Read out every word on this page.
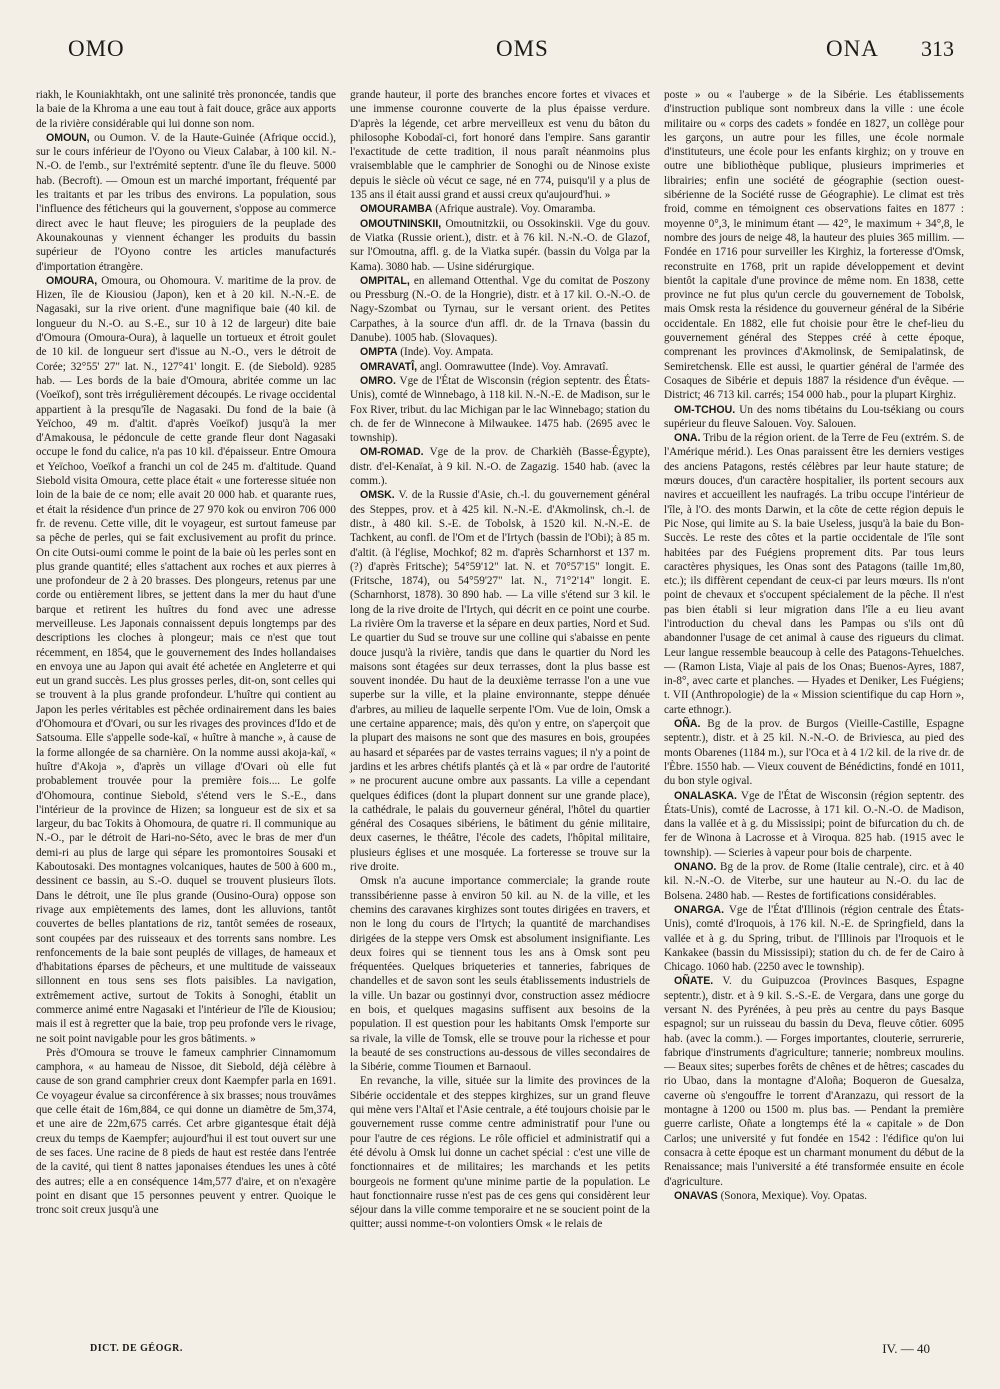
OMO	OMS	ONA 313

riakh, le Kouniakhtakh, ont une salinité très prononcée, tandis que la baie de la Khroma a une eau tout à fait douce, grâce aux apports de la rivière considérable qui lui donne son nom.

OMOUN, ou Oumon. V. de la Haute-Guinée (Afrique occid.), sur le cours inférieur de l'Oyono ou Vieux Calabar, à 100 kil. N.-N.-O. de l'emb., sur l'extrémité septentr. d'une île du fleuve. 5000 hab. (Becroft). — Omoun est un marché important, fréquenté par les traitants et par les tribus des environs. La population, sous l'influence des féticheurs qui la gouvernent, s'oppose au commerce direct avec le haut fleuve; les piroguiers de la peuplade des Akounakounas y viennent échanger les produits du bassin supérieur de l'Oyono contre les articles manufacturés d'importation étrangère.

OMOURA, Omoura, ou Ohomoura. V. maritime de la prov. de Hizen, île de Kiousiou (Japon), ken et à 20 kil. N.-N.-E. de Nagasaki, sur la rive orient. d'une magnifique baie (40 kil. de longueur du N.-O. au S.-E., sur 10 à 12 de largeur) dite baie d'Omoura (Omoura-Oura), à laquelle un tortueux et étroit goulet de 10 kil. de longueur sert d'issue au N.-O., vers le détroit de Corée; 32°55' 27" lat. N., 127°41' longit. E. (de Siebold). 9285 hab. — Les bords de la baie d'Omoura, abritée comme un lac (Voeïkof), sont très irrégulièrement découpés. Le rivage occidental appartient à la presqu'île de Nagasaki. Du fond de la baie (à Yeïchoo, 49 m. d'altit. d'après Voeïkof) jusqu'à la mer d'Amakousa, le pédoncule de cette grande fleur dont Nagasaki occupe le fond du calice, n'a pas 10 kil. d'épaisseur. Entre Omoura et Yeïchoo, Voeïkof a franchi un col de 245 m. d'altitude. Quand Siebold visita Omoura, cette place était « une forteresse située non loin de la baie de ce nom; elle avait 20 000 hab. et quarante rues, et était la résidence d'un prince de 27 970 kok ou environ 706 000 fr. de revenu. Cette ville, dit le voyageur, est surtout fameuse par sa pêche de perles, qui se fait exclusivement au profit du prince. On cite Outsi-oumi comme le point de la baie où les perles sont en plus grande quantité; elles s'attachent aux roches et aux pierres à une profondeur de 2 à 20 brasses. Des plongeurs, retenus par une corde ou entièrement libres, se jettent dans la mer du haut d'une barque et retirent les huîtres du fond avec une adresse merveilleuse. Les Japonais connaissent depuis longtemps par des descriptions les cloches à plongeur; mais ce n'est que tout récemment, en 1854, que le gouvernement des Indes hollandaises en envoya une au Japon qui avait été achetée en Angleterre et qui eut un grand succès. Les plus grosses perles, dit-on, sont celles qui se trouvent à la plus grande profondeur. L'huître qui contient au Japon les perles véritables est pêchée ordinairement dans les baies d'Ohomoura et d'Ovari, ou sur les rivages des provinces d'Ido et de Satsouma. Elle s'appelle sode-kaï, « huître à manche », à cause de la forme allongée de sa charnière. On la nomme aussi akoja-kaï, « huître d'Akoja », d'après un village d'Ovari où elle fut probablement trouvée pour la première fois.... Le golfe d'Ohomoura, continue Siebold, s'étend vers le S.-E., dans l'intérieur de la province de Hizen; sa longueur est de six et sa largeur, du bac Tokits à Ohomoura, de quatre ri. Il communique au N.-O., par le détroit de Hari-no-Séto, avec le bras de mer d'un demi-ri au plus de large qui sépare les promontoires Sousaki et Kaboutosaki. Des montagnes volcaniques, hautes de 500 à 600 m., dessinent ce bassin, au S.-O. duquel se trouvent plusieurs îlots. Dans le détroit, une île plus grande (Ousino-Oura) oppose son rivage aux empiètements des lames, dont les alluvions, tantôt couvertes de belles plantations de riz, tantôt semées de roseaux, sont coupées par des ruisseaux et des torrents sans nombre. Les renfoncements de la baie sont peuplés de villages, de hameaux et d'habitations éparses de pêcheurs, et une multitude de vaisseaux sillonnent en tous sens ses flots paisibles. La navigation, extrêmement active, surtout de Tokits à Sonoghi, établit un commerce animé entre Nagasaki et l'intérieur de l'île de Kiousiou; mais il est à regretter que la baie, trop peu profonde vers le rivage, ne soit point navigable pour les gros bâtiments. »

Près d'Omoura se trouve le fameux camphrier Cinnamomum camphora, « au hameau de Nissoe, dit Siebold, déjà célèbre à cause de son grand camphrier creux dont Kaempfer parla en 1691. Ce voyageur évalue sa circonférence à six brasses; nous trouvâmes que celle était de 16m,884, ce qui donne un diamètre de 5m,374, et une aire de 22m,675 carrés. Cet arbre gigantesque était déjà creux du temps de Kaempfer; aujourd'hui il est tout ouvert sur une de ses faces. Une racine de 8 pieds de haut est restée dans l'entrée de la cavité, qui tient 8 nattes japonaises étendues les unes à côté des autres; elle a en conséquence 14m,577 d'aire, et on n'exagère point en disant que 15 personnes peuvent y entrer. Quoique le tronc soit creux jusqu'à une

grande hauteur, il porte des branches encore fortes et vivaces et une immense couronne couverte de la plus épaisse verdure. D'après la légende, cet arbre merveilleux est venu du bâton du philosophe Kobodaï-ci, fort honoré dans l'empire. Sans garantir l'exactitude de cette tradition, il nous paraît néanmoins plus vraisemblable que le camphrier de Sonoghi ou de Ninose existe depuis le siècle où vécut ce sage, né en 774, puisqu'il y a plus de 135 ans il était aussi grand et aussi creux qu'aujourd'hui. »

OMOURAMBA (Afrique australe). Voy. Omaramba.

OMOUTNINSKII, Omoutnitzkii, ou Ossokinskii. Vge du gouv. de Viatka (Russie orient.), distr. et à 76 kil. N.-N.-O. de Glazof, sur l'Omoutna, affl. g. de la Viatka supér. (bassin du Volga par la Kama). 3080 hab. — Usine sidérurgique.

OMPITAL, en allemand Ottenthal. Vge du comitat de Poszony ou Pressburg (N.-O. de la Hongrie), distr. et à 17 kil. O.-N.-O. de Nagy-Szombat ou Tyrnau, sur le versant orient. des Petites Carpathes, à la source d'un affl. dr. de la Trnava (bassin du Danube). 1005 hab. (Slovaques).

OMPTA (Inde). Voy. Ampata.

OMRAVATÎ, angl. Oomrawuttee (Inde). Voy. Amravatî.

OMRO. Vge de l'État de Wisconsin (région septentr. des États-Unis), comté de Winnebago, à 118 kil. N.-N.-E. de Madison, sur le Fox River, tribut. du lac Michigan par le lac Winnebago; station du ch. de fer de Winnecone à Milwaukee. 1475 hab. (2695 avec le township).

OM-ROMAD. Vge de la prov. de Charkièh (Basse-Égypte), distr. d'el-Kenaïat, à 9 kil. N.-O. de Zagazig. 1540 hab. (avec la comm.).

OMSK. V. de la Russie d'Asie, ch.-l. du gouvernement général des Steppes, prov. et à 425 kil. N.-N.-E. d'Akmolinsk, ch.-l. de distr., à 480 kil. S.-E. de Tobolsk, à 1520 kil. N.-N.-E. de Tachkent, au confl. de l'Om et de l'Irtych (bassin de l'Obi); à 85 m. d'altit. (à l'église, Mochkof; 82 m. d'après Scharnhorst et 137 m. (?) d'après Fritsche); 54°59'12" lat. N. et 70°57'15" longit. E. (Fritsche, 1874), ou 54°59'27" lat. N., 71°2'14" longit. E. (Scharnhorst, 1878). 30 890 hab. — La ville s'étend sur 3 kil. le long de la rive droite de l'Irtych, qui décrit en ce point une courbe. La rivière Om la traverse et la sépare en deux parties, Nord et Sud. Le quartier du Sud se trouve sur une colline qui s'abaisse en pente douce jusqu'à la rivière, tandis que dans le quartier du Nord les maisons sont étagées sur deux terrasses, dont la plus basse est souvent inondée. Du haut de la deuxième terrasse l'on a une vue superbe sur la ville, et la plaine environnante, steppe dénuée d'arbres, au milieu de laquelle serpente l'Om. Vue de loin, Omsk a une certaine apparence; mais, dès qu'on y entre, on s'aperçoit que la plupart des maisons ne sont que des masures en bois, groupées au hasard et séparées par de vastes terrains vagues; il n'y a point de jardins et les arbres chétifs plantés çà et là « par ordre de l'autorité » ne procurent aucune ombre aux passants. La ville a cependant quelques édifices (dont la plupart donnent sur une grande place), la cathédrale, le palais du gouverneur général, l'hôtel du quartier général des Cosaques sibériens, le bâtiment du génie militaire, deux casernes, le théâtre, l'école des cadets, l'hôpital militaire, plusieurs églises et une mosquée. La forteresse se trouve sur la rive droite.

Omsk n'a aucune importance commerciale; la grande route transsibérienne passe à environ 50 kil. au N. de la ville, et les chemins des caravanes kirghizes sont toutes dirigées en travers, et non le long du cours de l'Irtych; la quantité de marchandises dirigées de la steppe vers Omsk est absolument insignifiante. Les deux foires qui se tiennent tous les ans à Omsk sont peu fréquentées. Quelques briqueteries et tanneries, fabriques de chandelles et de savon sont les seuls établissements industriels de la ville. Un bazar ou gostinnyi dvor, construction assez médiocre en bois, et quelques magasins suffisent aux besoins de la population. Il est question pour les habitants Omsk l'emporte sur sa rivale, la ville de Tomsk, elle se trouve pour la richesse et pour la beauté de ses constructions au-dessous de villes secondaires de la Sibérie, comme Tioumen et Barnaoul.

En revanche, la ville, située sur la limite des provinces de la Sibérie occidentale et des steppes kirghizes, sur un grand fleuve qui mène vers l'Altaï et l'Asie centrale, a été toujours choisie par le gouvernement russe comme centre administratif pour l'une ou pour l'autre de ces régions. Le rôle officiel et administratif qui a été dévolu à Omsk lui donne un cachet spécial : c'est une ville de fonctionnaires et de militaires; les marchands et les petits bourgeois ne forment qu'une minime partie de la population. Le haut fonctionnaire russe n'est pas de ces gens qui considèrent leur séjour dans la ville comme temporaire et ne se soucient point de la quitter; aussi nomme-t-on volontiers Omsk « le relais de

poste » ou « l'auberge » de la Sibérie. Les établissements d'instruction publique sont nombreux dans la ville : une école militaire ou « corps des cadets » fondée en 1827, un collège pour les garçons, un autre pour les filles, une école normale d'instituteurs, une école pour les enfants kirghiz; on y trouve en outre une bibliothèque publique, plusieurs imprimeries et librairies; enfin une société de géographie (section ouest-sibérienne de la Société russe de Géographie). Le climat est très froid, comme en témoignent ces observations faites en 1877 : moyenne 0°,3, le minimum étant — 42°, le maximum + 34°,8, le nombre des jours de neige 48, la hauteur des pluies 365 millim. — Fondée en 1716 pour surveiller les Kirghiz, la forteresse d'Omsk, reconstruite en 1768, prit un rapide développement et devint bientôt la capitale d'une province de même nom. En 1838, cette province ne fut plus qu'un cercle du gouvernement de Tobolsk, mais Omsk resta la résidence du gouverneur général de la Sibérie occidentale. En 1882, elle fut choisie pour être le chef-lieu du gouvernement général des Steppes créé à cette époque, comprenant les provinces d'Akmolinsk, de Semipalatinsk, de Semiretchensk. Elle est aussi, le quartier général de l'armée des Cosaques de Sibérie et depuis 1887 la résidence d'un évêque. — District; 46 713 kil. carrés; 154 000 hab., pour la plupart Kirghiz.

OM-TCHOU. Un des noms tibétains du Lou-tsékiang ou cours supérieur du fleuve Salouen. Voy. Salouen.

ONA. Tribu de la région orient. de la Terre de Feu (extrém. S. de l'Amérique mérid.). Les Onas paraissent être les derniers vestiges des anciens Patagons, restés célèbres par leur haute stature; de mœurs douces, d'un caractère hospitalier, ils portent secours aux navires et accueillent les naufragés. La tribu occupe l'intérieur de l'île, à l'O. des monts Darwin, et la côte de cette région depuis le Pic Nose, qui limite au S. la baie Useless, jusqu'à la baie du Bon-Succès. Le reste des côtes et la partie occidentale de l'île sont habitées par des Fuégiens proprement dits. Par tous leurs caractères physiques, les Onas sont des Patagons (taille 1m,80, etc.); ils diffèrent cependant de ceux-ci par leurs mœurs. Ils n'ont point de chevaux et s'occupent spécialement de la pêche. Il n'est pas bien établi si leur migration dans l'île a eu lieu avant l'introduction du cheval dans les Pampas ou s'ils ont dû abandonner l'usage de cet animal à cause des rigueurs du climat. Leur langue ressemble beaucoup à celle des Patagons-Tehuelches. — (Ramon Lista, Viaje al pais de los Onas; Buenos-Ayres, 1887, in-8°, avec carte et planches. — Hyades et Deniker, Les Fuégiens; t. VII (Anthropologie) de la « Mission scientifique du cap Horn », carte ethnogr.).

OÑA. Bg de la prov. de Burgos (Vieille-Castille, Espagne septentr.), distr. et à 25 kil. N.-N.-O. de Briviesca, au pied des monts Obarenes (1184 m.), sur l'Oca et à 4 1/2 kil. de la rive dr. de l'Èbre. 1550 hab. — Vieux couvent de Bénédictins, fondé en 1011, du bon style ogival.

ONALASKA. Vge de l'État de Wisconsin (région septentr. des États-Unis), comté de Lacrosse, à 171 kil. O.-N.-O. de Madison, dans la vallée et à g. du Mississipi; point de bifurcation du ch. de fer de Winona à Lacrosse et à Viroqua. 825 hab. (1915 avec le township). — Scieries à vapeur pour bois de charpente.

ONANO. Bg de la prov. de Rome (Italie centrale), circ. et à 40 kil. N.-N.-O. de Viterbe, sur une hauteur au N.-O. du lac de Bolsena. 2480 hab. — Restes de fortifications considérables.

ONARGA. Vge de l'État d'Illinois (région centrale des États-Unis), comté d'Iroquois, à 176 kil. N.-E. de Springfield, dans la vallée et à g. du Spring, tribut. de l'Illinois par l'Iroquois et le Kankakee (bassin du Mississipi); station du ch. de fer de Cairo à Chicago. 1060 hab. (2250 avec le township).

OÑATE. V. du Guipuzcoa (Provinces Basques, Espagne septentr.), distr. et à 9 kil. S.-S.-E. de Vergara, dans une gorge du versant N. des Pyrénées, à peu près au centre du pays Basque espagnol; sur un ruisseau du bassin du Deva, fleuve côtier. 6095 hab. (avec la comm.). — Forges importantes, clouterie, serrurerie, fabrique d'instruments d'agriculture; tannerie; nombreux moulins. — Beaux sites; superbes forêts de chênes et de hêtres; cascades du rio Ubao, dans la montagne d'Aloña; Boqueron de Guesalza, caverne où s'engouffre le torrent d'Aranzazu, qui ressort de la montagne à 1200 ou 1500 m. plus bas. — Pendant la première guerre carliste, Oñate a longtemps été la « capitale » de Don Carlos; une université y fut fondée en 1542 : l'édifice qu'on lui consacra à cette époque est un charmant monument du début de la Renaissance; mais l'université a été transformée ensuite en école d'agriculture.

ONAVAS (Sonora, Mexique). Voy. Opatas.

DICT. DE GÉOGR.	IV. — 40
